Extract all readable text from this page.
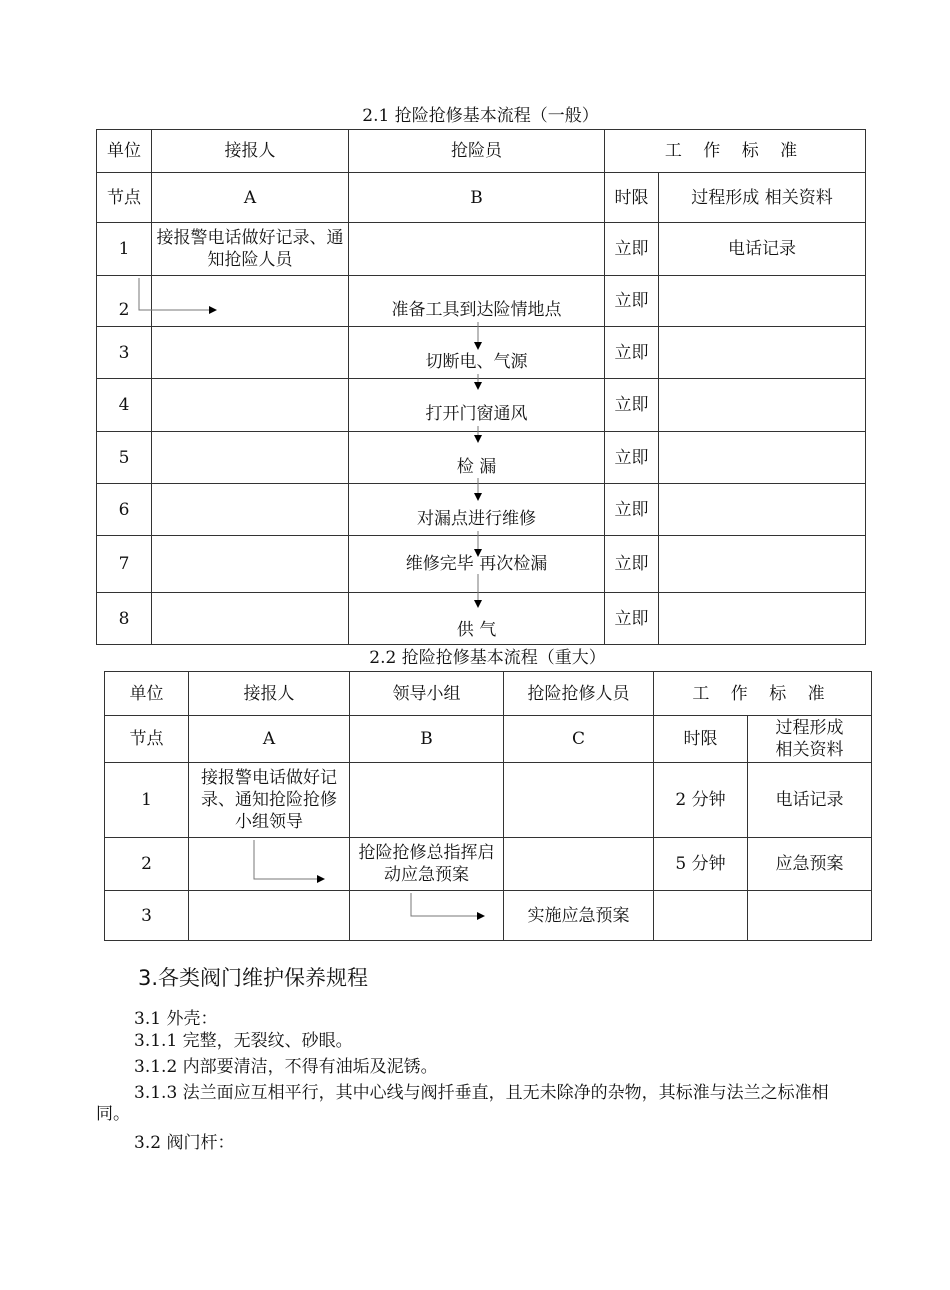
2.1 抢险抢修基本流程（一般）
单位	接报人	抢险员	工 作 标 准	
节点	A	B	时限	过程形成 相关资料
1	接报警电话做好记录、通知抢险人员		立即	电话记录

2		准备工具到达险情地点	立即	
3		切断电、气源	立即	
4		打开门窗通风	立即	
5		检 漏	立即	
6		对漏点进行维修	立即	
7		维修完毕 再次检漏	立即	
8		供 气	立即	
2.2 抢险抢修基本流程（重大）
单位	接报人	领导小组	抢险抢修人员	工 作 标 准	
节点	A	B	C	时限	过程形成相关资料
1	接报警电话做好记录、通知抢险抢修小组领导			2 分钟	电话记录
2		抢险抢修总指挥启动应急预案		5 分钟	应急预案
3			实施应急预案		
3.各类阀门维护保养规程
3.1 外壳：
3.1.1 完整，无裂纹、砂眼。
3.1.2 内部要清洁，不得有油垢及泥锈。
3.1.3 法兰面应互相平行，其中心线与阀扦垂直，且无未除净的杂物，其标淮与法兰之标准相同。
3.2 阀门杆：
